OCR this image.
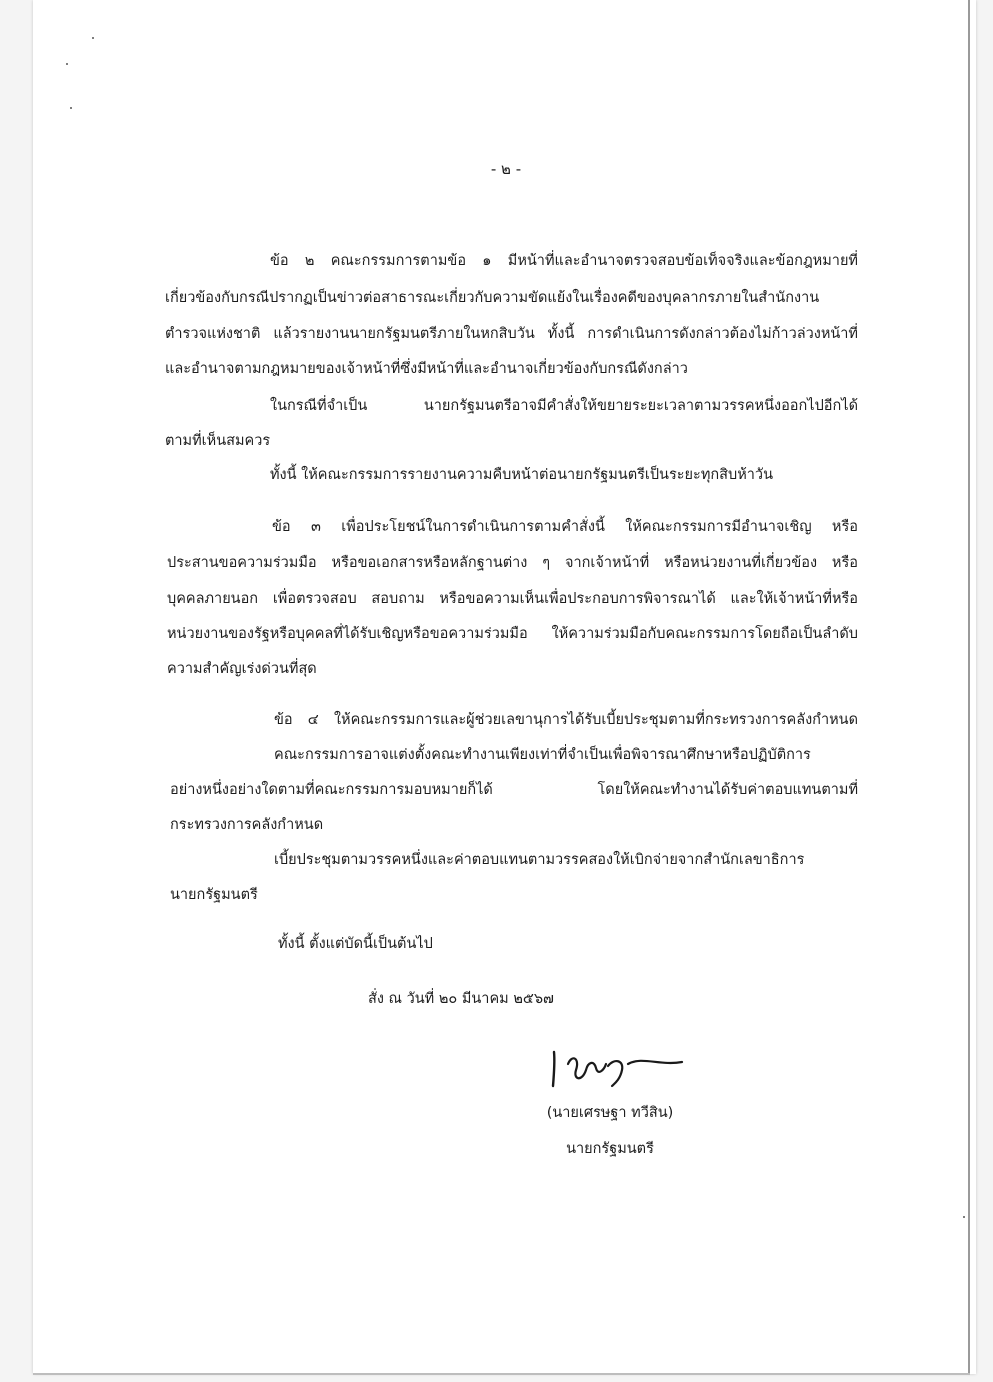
- ๒ -
ข้อ ๒ คณะกรรมการตามข้อ ๑ มีหน้าที่และอำนาจตรวจสอบข้อเท็จจริงและข้อกฎหมายที่
เกี่ยวข้องกับกรณีปรากฏเป็นข่าวต่อสาธารณะเกี่ยวกับความขัดแย้งในเรื่องคดีของบุคลากรภายในสำนักงาน
ตำรวจแห่งชาติ แล้วรายงานนายกรัฐมนตรีภายในหกสิบวัน ทั้งนี้ การดำเนินการดังกล่าวต้องไม่ก้าวล่วงหน้าที่
และอำนาจตามกฎหมายของเจ้าหน้าที่ซึ่งมีหน้าที่และอำนาจเกี่ยวข้องกับกรณีดังกล่าว
ในกรณีที่จำเป็น นายกรัฐมนตรีอาจมีคำสั่งให้ขยายระยะเวลาตามวรรคหนึ่งออกไปอีกได้
ตามที่เห็นสมควร
ทั้งนี้ ให้คณะกรรมการรายงานความคืบหน้าต่อนายกรัฐมนตรีเป็นระยะทุกสิบห้าวัน
ข้อ ๓ เพื่อประโยชน์ในการดำเนินการตามคำสั่งนี้ ให้คณะกรรมการมีอำนาจเชิญ หรือ
ประสานขอความร่วมมือ หรือขอเอกสารหรือหลักฐานต่าง ๆ จากเจ้าหน้าที่ หรือหน่วยงานที่เกี่ยวข้อง หรือ
บุคคลภายนอก เพื่อตรวจสอบ สอบถาม หรือขอความเห็นเพื่อประกอบการพิจารณาได้ และให้เจ้าหน้าที่หรือ
หน่วยงานของรัฐหรือบุคคลที่ได้รับเชิญหรือขอความร่วมมือ ให้ความร่วมมือกับคณะกรรมการโดยถือเป็นลำดับ
ความสำคัญเร่งด่วนที่สุด
ข้อ ๔ ให้คณะกรรมการและผู้ช่วยเลขานุการได้รับเบี้ยประชุมตามที่กระทรวงการคลังกำหนด
คณะกรรมการอาจแต่งตั้งคณะทำงานเพียงเท่าที่จำเป็นเพื่อพิจารณาศึกษาหรือปฏิบัติการ
อย่างหนึ่งอย่างใดตามที่คณะกรรมการมอบหมายก็ได้ โดยให้คณะทำงานได้รับค่าตอบแทนตามที่
กระทรวงการคลังกำหนด
เบี้ยประชุมตามวรรคหนึ่งและค่าตอบแทนตามวรรคสองให้เบิกจ่ายจากสำนักเลขาธิการ
นายกรัฐมนตรี
ทั้งนี้ ตั้งแต่บัดนี้เป็นต้นไป
สั่ง ณ วันที่ ๒๐ มีนาคม ๒๕๖๗
(นายเศรษฐา ทวีสิน)
นายกรัฐมนตรี
